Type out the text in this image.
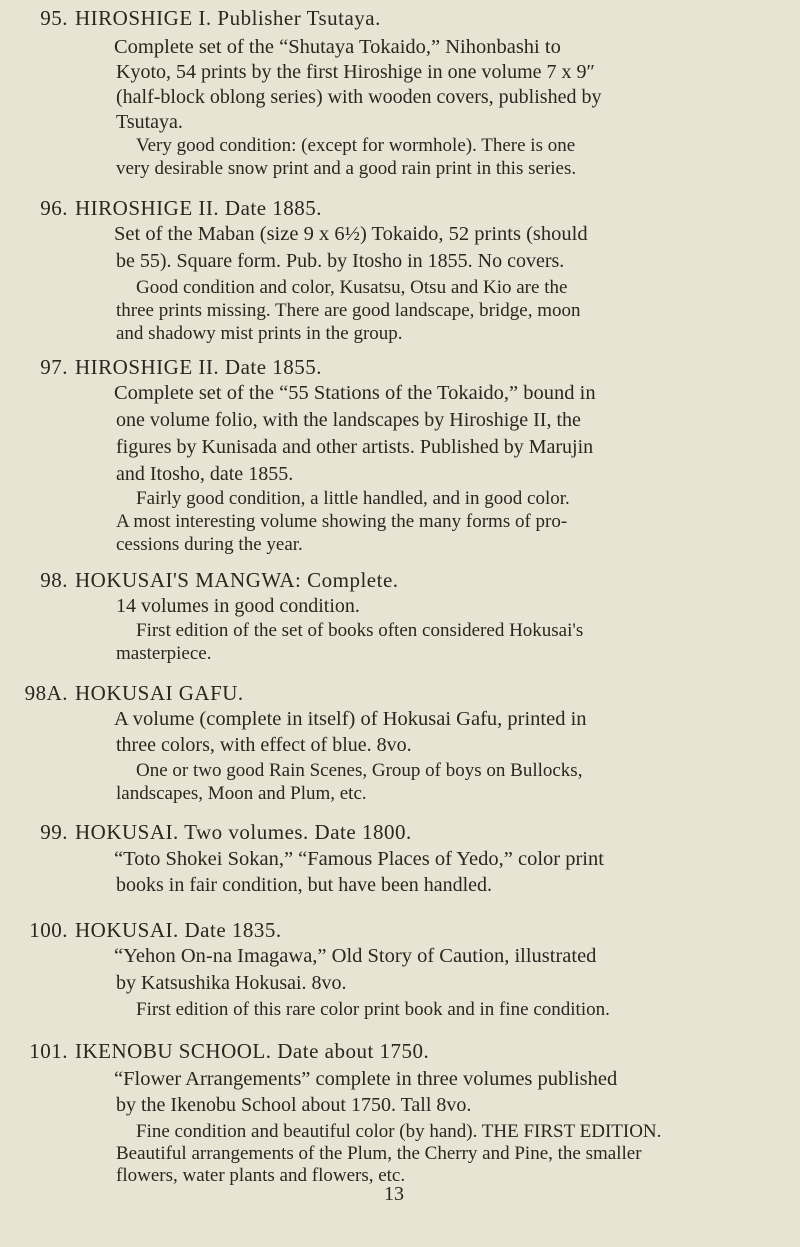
95. HIROSHIGE I. Publisher Tsutaya.
Complete set of the “Shutaya Tokaido,” Nihonbashi to
Kyoto, 54 prints by the first Hiroshige in one volume 7 x 9″
(half-block oblong series) with wooden covers, published by
Tsutaya.
Very good condition: (except for wormhole). There is one
very desirable snow print and a good rain print in this series.
96. HIROSHIGE II. Date 1885.
Set of the Maban (size 9 x 6½) Tokaido, 52 prints (should
be 55). Square form. Pub. by Itosho in 1855. No covers.
Good condition and color, Kusatsu, Otsu and Kio are the
three prints missing. There are good landscape, bridge, moon
and shadowy mist prints in the group.
97. HIROSHIGE II. Date 1855.
Complete set of the “55 Stations of the Tokaido,” bound in
one volume folio, with the landscapes by Hiroshige II, the
figures by Kunisada and other artists. Published by Marujin
and Itosho, date 1855.
Fairly good condition, a little handled, and in good color.
A most interesting volume showing the many forms of pro-
cessions during the year.
98. HOKUSAI'S MANGWA: Complete.
14 volumes in good condition.
First edition of the set of books often considered Hokusai's
masterpiece.
98A. HOKUSAI GAFU.
A volume (complete in itself) of Hokusai Gafu, printed in
three colors, with effect of blue. 8vo.
One or two good Rain Scenes, Group of boys on Bullocks,
landscapes, Moon and Plum, etc.
99. HOKUSAI. Two volumes. Date 1800.
“Toto Shokei Sokan,” “Famous Places of Yedo,” color print
books in fair condition, but have been handled.
100. HOKUSAI. Date 1835.
“Yehon On-na Imagawa,” Old Story of Caution, illustrated
by Katsushika Hokusai. 8vo.
First edition of this rare color print book and in fine condition.
101. IKENOBU SCHOOL. Date about 1750.
“Flower Arrangements” complete in three volumes published
by the Ikenobu School about 1750. Tall 8vo.
Fine condition and beautiful color (by hand). THE FIRST EDITION.
Beautiful arrangements of the Plum, the Cherry and Pine, the smaller
flowers, water plants and flowers, etc.
13
